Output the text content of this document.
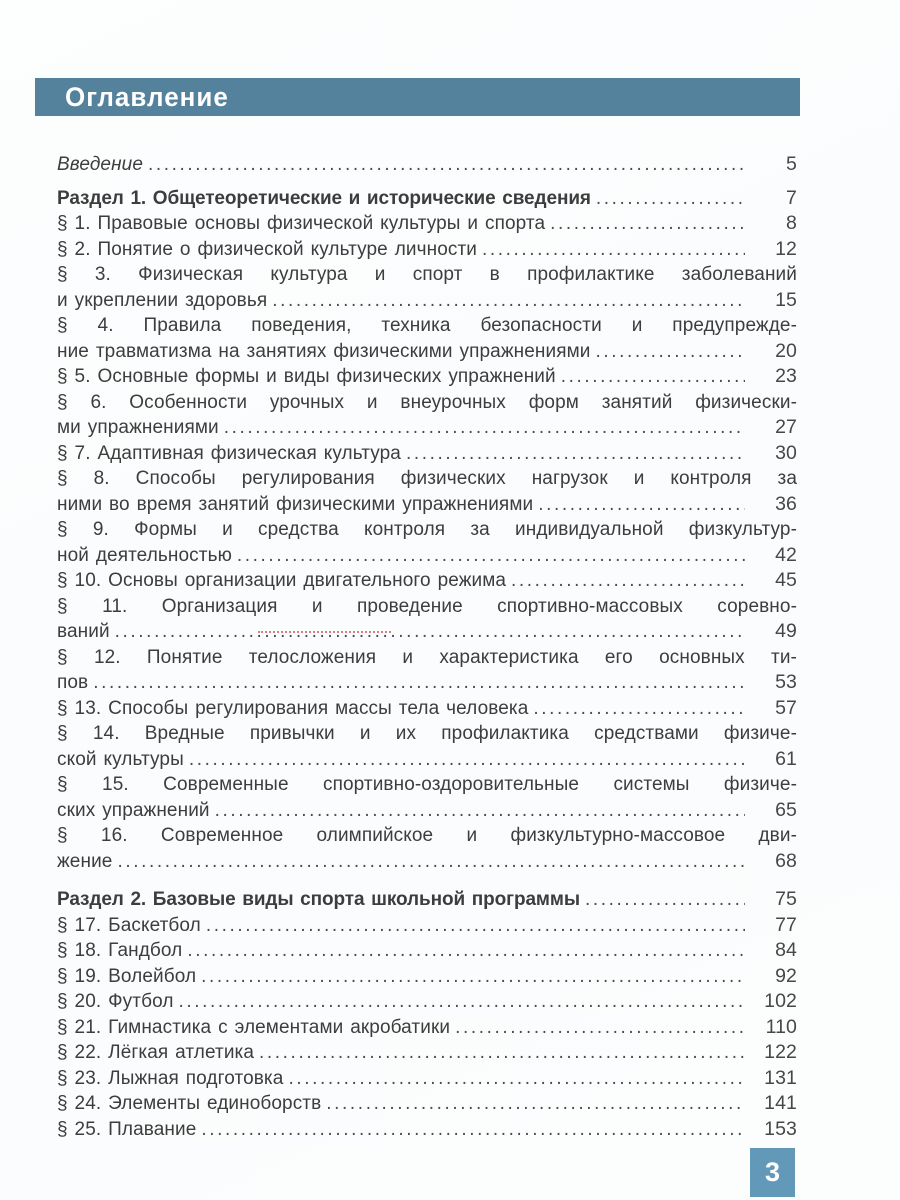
Оглавление
Введение .....	5
Раздел 1. Общетеоретические и исторические сведения .....	7
§ 1. Правовые основы физической культуры и спорта .....	8
§ 2. Понятие о физической культуре личности .....	12
§ 3. Физическая культура и спорт в профилактике заболеваний
и укреплении здоровья .....	15
§ 4. Правила поведения, техника безопасности и предупрежде-
ние травматизма на занятиях физическими упражнениями .....	20
§ 5. Основные формы и виды физических упражнений .....	23
§ 6. Особенности урочных и внеурочных форм занятий физически-
ми упражнениями .....	27
§ 7. Адаптивная физическая культура .....	30
§ 8. Способы регулирования физических нагрузок и контроля за
ними во время занятий физическими упражнениями .....	36
§ 9. Формы и средства контроля за индивидуальной физкультур-
ной деятельностью .....	42
§ 10. Основы организации двигательного режима .....	45
§ 11. Организация и проведение спортивно-массовых соревно-
ваний .....	49
§ 12. Понятие телосложения и характеристика его основных ти-
пов .....	53
§ 13. Способы регулирования массы тела человека .....	57
§ 14. Вредные привычки и их профилактика средствами физиче-
ской культуры .....	61
§ 15. Современные спортивно-оздоровительные системы физиче-
ских упражнений .....	65
§ 16. Современное олимпийское и физкультурно-массовое дви-
жение .....	68
Раздел 2. Базовые виды спорта школьной программы .....	75
§ 17. Баскетбол .....	77
§ 18. Гандбол .....	84
§ 19. Волейбол .....	92
§ 20. Футбол .....	102
§ 21. Гимнастика с элементами акробатики .....	110
§ 22. Лёгкая атлетика .....	122
§ 23. Лыжная подготовка .....	131
§ 24. Элементы единоборств .....	141
§ 25. Плавание .....	153
3
